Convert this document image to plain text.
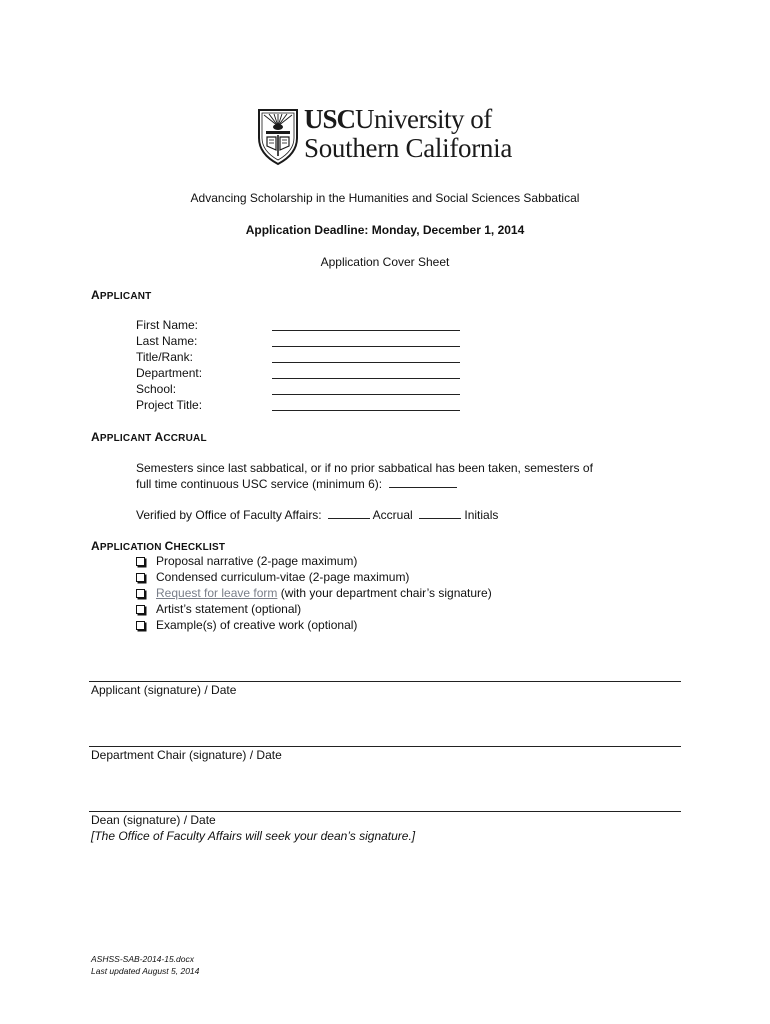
USCUniversity of
Southern California
Advancing Scholarship in the Humanities and Social Sciences Sabbatical
Application Deadline: Monday, December 1, 2014
Application Cover Sheet
APPLICANT
First Name:
Last Name:
Title/Rank:
Department:
School:
Project Title:
APPLICANT ACCRUAL
Semesters since last sabbatical, or if no prior sabbatical has been taken, semesters of
full time continuous USC service (minimum 6):
Verified by Office of Faculty Affairs:	Accrual	Initials
APPLICATION CHECKLIST
Proposal narrative (2-page maximum)
Condensed curriculum-vitae (2-page maximum)
Request for leave form (with your department chair’s signature)
Artist’s statement (optional)
Example(s) of creative work (optional)
Applicant (signature) / Date
Department Chair (signature) / Date
Dean (signature) / Date
[The Office of Faculty Affairs will seek your dean’s signature.]
ASHSS-SAB-2014-15.docx
Last updated August 5, 2014
